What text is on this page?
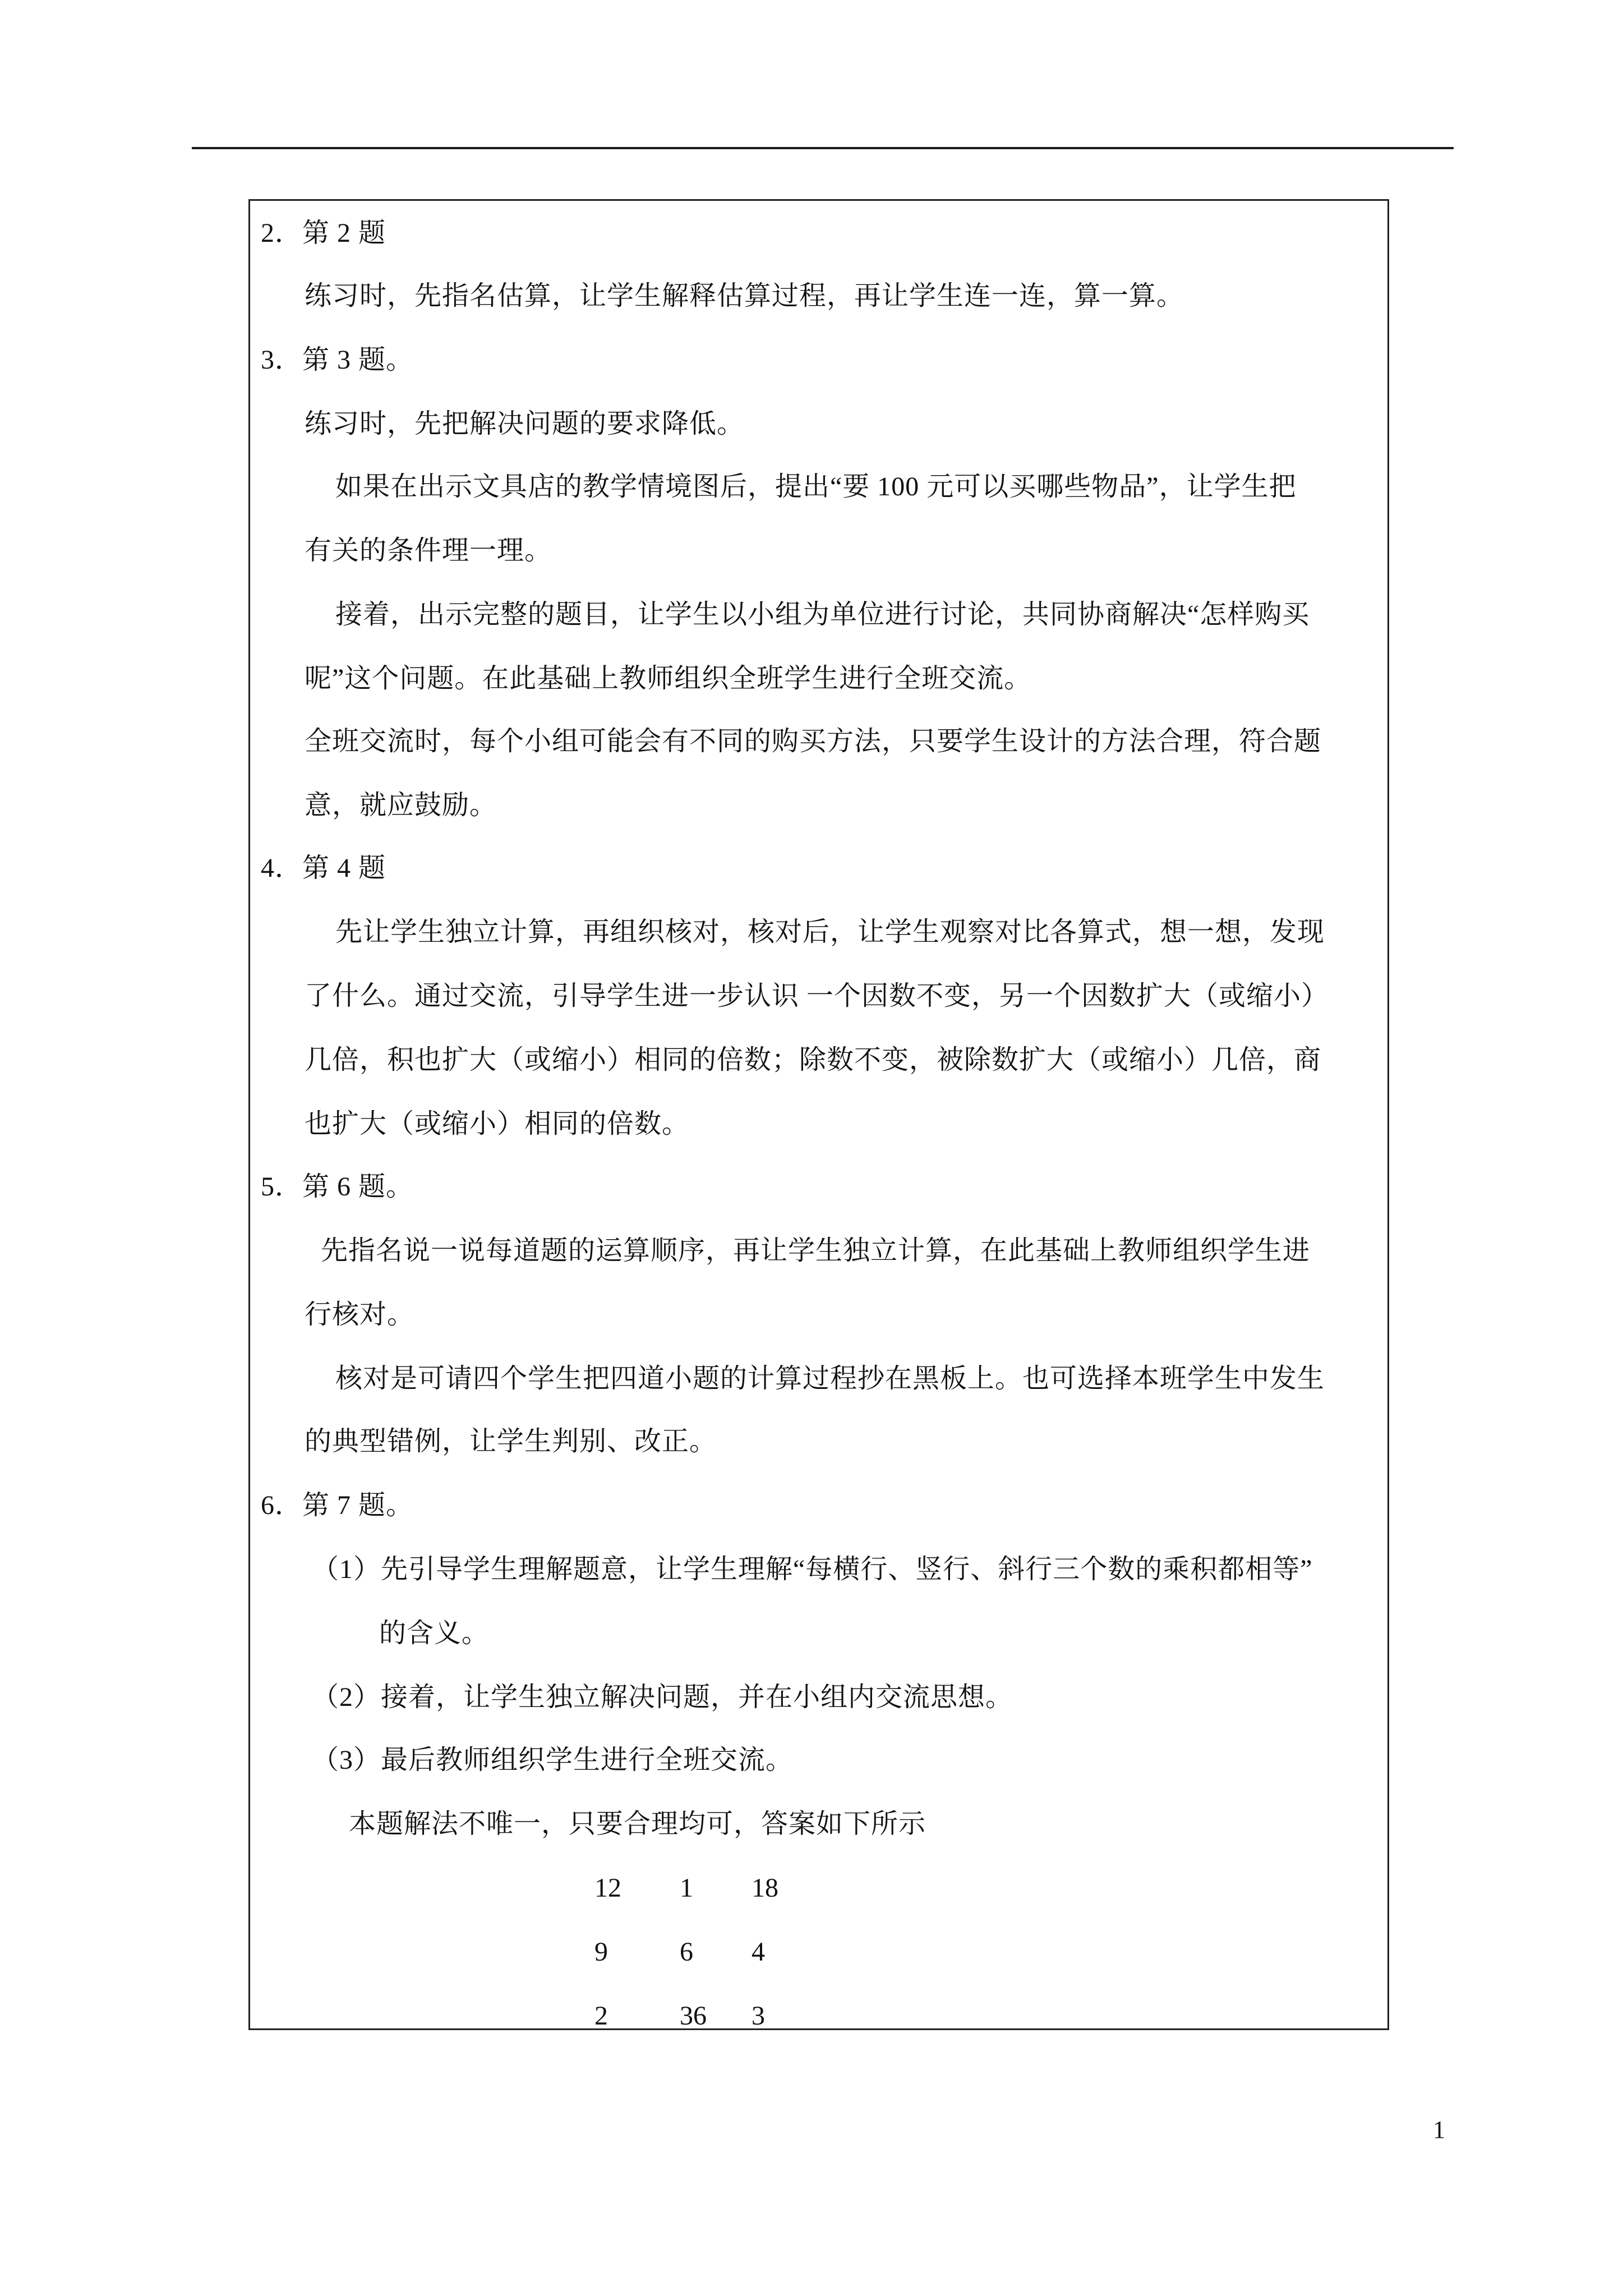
2．第 2 题
练习时，先指名估算，让学生解释估算过程，再让学生连一连，算一算。
3．第 3 题。
练习时，先把解决问题的要求降低。
如果在出示文具店的教学情境图后，提出“要 100 元可以买哪些物品”，让学生把
有关的条件理一理。
接着，出示完整的题目，让学生以小组为单位进行讨论，共同协商解决“怎样购买
呢”这个问题。在此基础上教师组织全班学生进行全班交流。
全班交流时，每个小组可能会有不同的购买方法，只要学生设计的方法合理，符合题
意，就应鼓励。
4．第 4 题
先让学生独立计算，再组织核对，核对后，让学生观察对比各算式，想一想，发现
了什么。通过交流，引导学生进一步认识 一个因数不变，另一个因数扩大（或缩小）
几倍，积也扩大（或缩小）相同的倍数；除数不变，被除数扩大（或缩小）几倍，商
也扩大（或缩小）相同的倍数。
5．第 6 题。
先指名说一说每道题的运算顺序，再让学生独立计算，在此基础上教师组织学生进
行核对。
核对是可请四个学生把四道小题的计算过程抄在黑板上。也可选择本班学生中发生
的典型错例，让学生判别、改正。
6．第 7 题。
（1）先引导学生理解题意，让学生理解“每横行、竖行、斜行三个数的乘积都相等”
的含义。
（2）接着，让学生独立解决问题，并在小组内交流思想。
（3）最后教师组织学生进行全班交流。
本题解法不唯一，只要合理均可，答案如下所示
12 1 18
9	6 4
2	36 3
1
